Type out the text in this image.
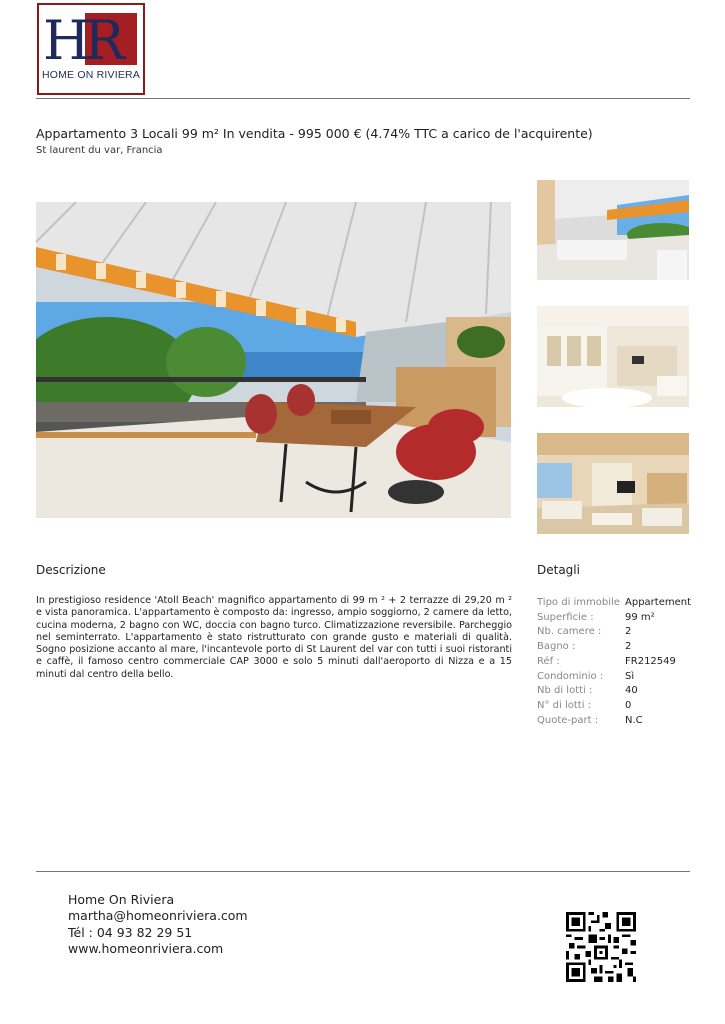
HR
HOME ON RIVIERA
Appartamento 3 Locali 99 m² In vendita - 995 000 € (4.74% TTC a carico de l'acquirente)
St laurent du var, Francia
Descrizione
In prestigioso residence 'Atoll Beach' magnifico appartamento di 99 m ² + 2 terrazze di 29,20 m ² e vista panoramica. L'appartamento è composto da: ingresso, ampio soggiorno, 2 camere da letto, cucina moderna, 2 bagno con WC, doccia con bagno turco. Climatizzazione reversibile. Parcheggio nel seminterrato. L'appartamento è stato ristrutturato con grande gusto e materiali di qualità. Sogno posizione accanto al mare, l'incantevole porto di St Laurent del var con tutti i suoi ristoranti e caffè, il famoso centro commerciale CAP 3000 e solo 5 minuti dall'aeroporto di Nizza e a 15 minuti dal centro della bello.
Detagli
Tipo di immobile Appartement
Superficie :	99 m²
Nb. camere :	2
Bagno :	2
Réf :	FR212549
Condominio :	Sì
Nb di lotti :	40
N° di lotti :	0
Quote-part :	N.C
Home On Riviera
martha@homeonriviera.com
Tél : 04 93 82 29 51
www.homeonriviera.com
